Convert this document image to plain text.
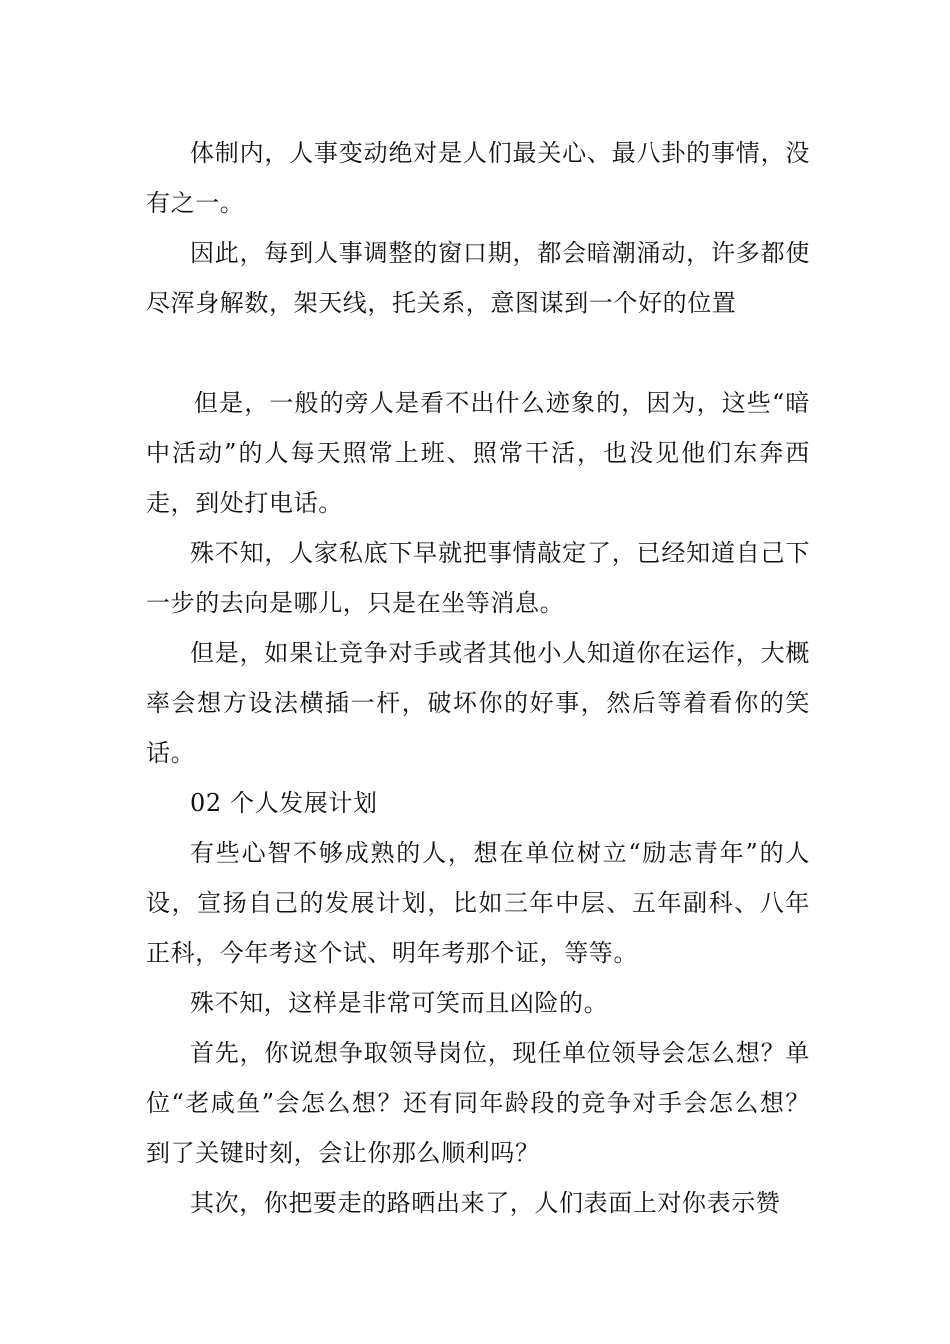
体制内，人事变动绝对是人们最关心、最八卦的事情，没有之一。

因此，每到人事调整的窗口期，都会暗潮涌动，许多都使尽浑身解数，架天线，托关系，意图谋到一个好的位置

但是，一般的旁人是看不出什么迹象的，因为，这些“暗中活动”的人每天照常上班、照常干活，也没见他们东奔西走，到处打电话。

殊不知，人家私底下早就把事情敲定了，已经知道自己下一步的去向是哪儿，只是在坐等消息。

但是，如果让竞争对手或者其他小人知道你在运作，大概率会想方设法横插一杆，破坏你的好事，然后等着看你的笑话。

02 个人发展计划

有些心智不够成熟的人，想在单位树立“励志青年”的人设，宣扬自己的发展计划，比如三年中层、五年副科、八年正科，今年考这个试、明年考那个证，等等。

殊不知，这样是非常可笑而且凶险的。

首先，你说想争取领导岗位，现任单位领导会怎么想？单位“老咸鱼”会怎么想？还有同年龄段的竞争对手会怎么想？到了关键时刻，会让你那么顺利吗？

其次，你把要走的路晒出来了，人们表面上对你表示赞
